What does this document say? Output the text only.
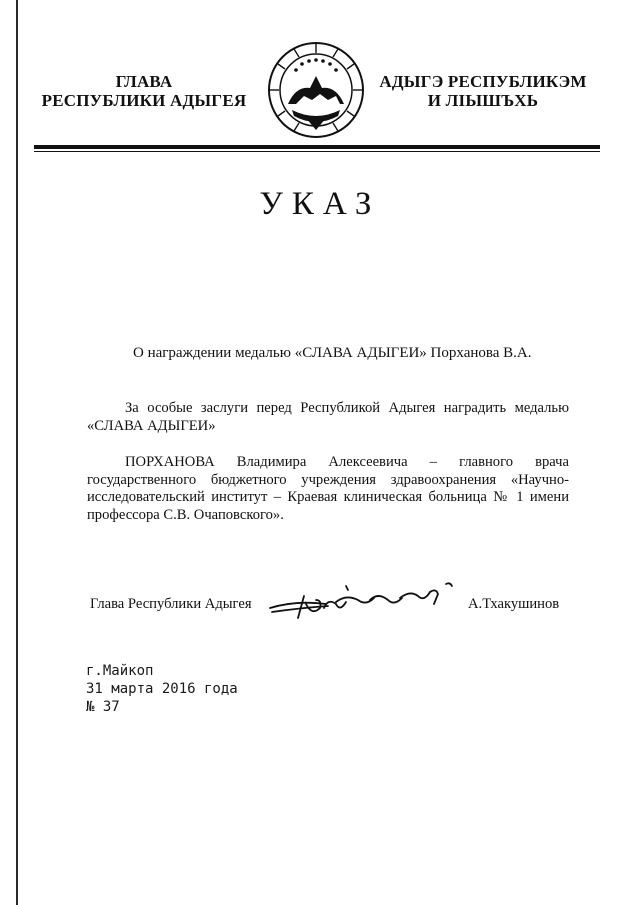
ГЛАВА
РЕСПУБЛИКИ АДЫГЕЯ
АДЫГЭ РЕСПУБЛИКЭМ
И ЛІЫШЪХЬ
УКАЗ
О награждении медалью «СЛАВА АДЫГЕИ» Порханова В.А.
За особые заслуги перед Республикой Адыгея наградить медалью
«СЛАВА АДЫГЕИ»
ПОРХАНОВА Владимира Алексеевича – главного врача
государственного бюджетного учреждения здравоохранения «Научно-
исследовательский институт – Краевая клиническая больница № 1 имени
профессора С.В. Очаповского».
Глава Республики Адыгея	А.Тхакушинов
г.Майкоп
31 марта 2016 года
№ 37
